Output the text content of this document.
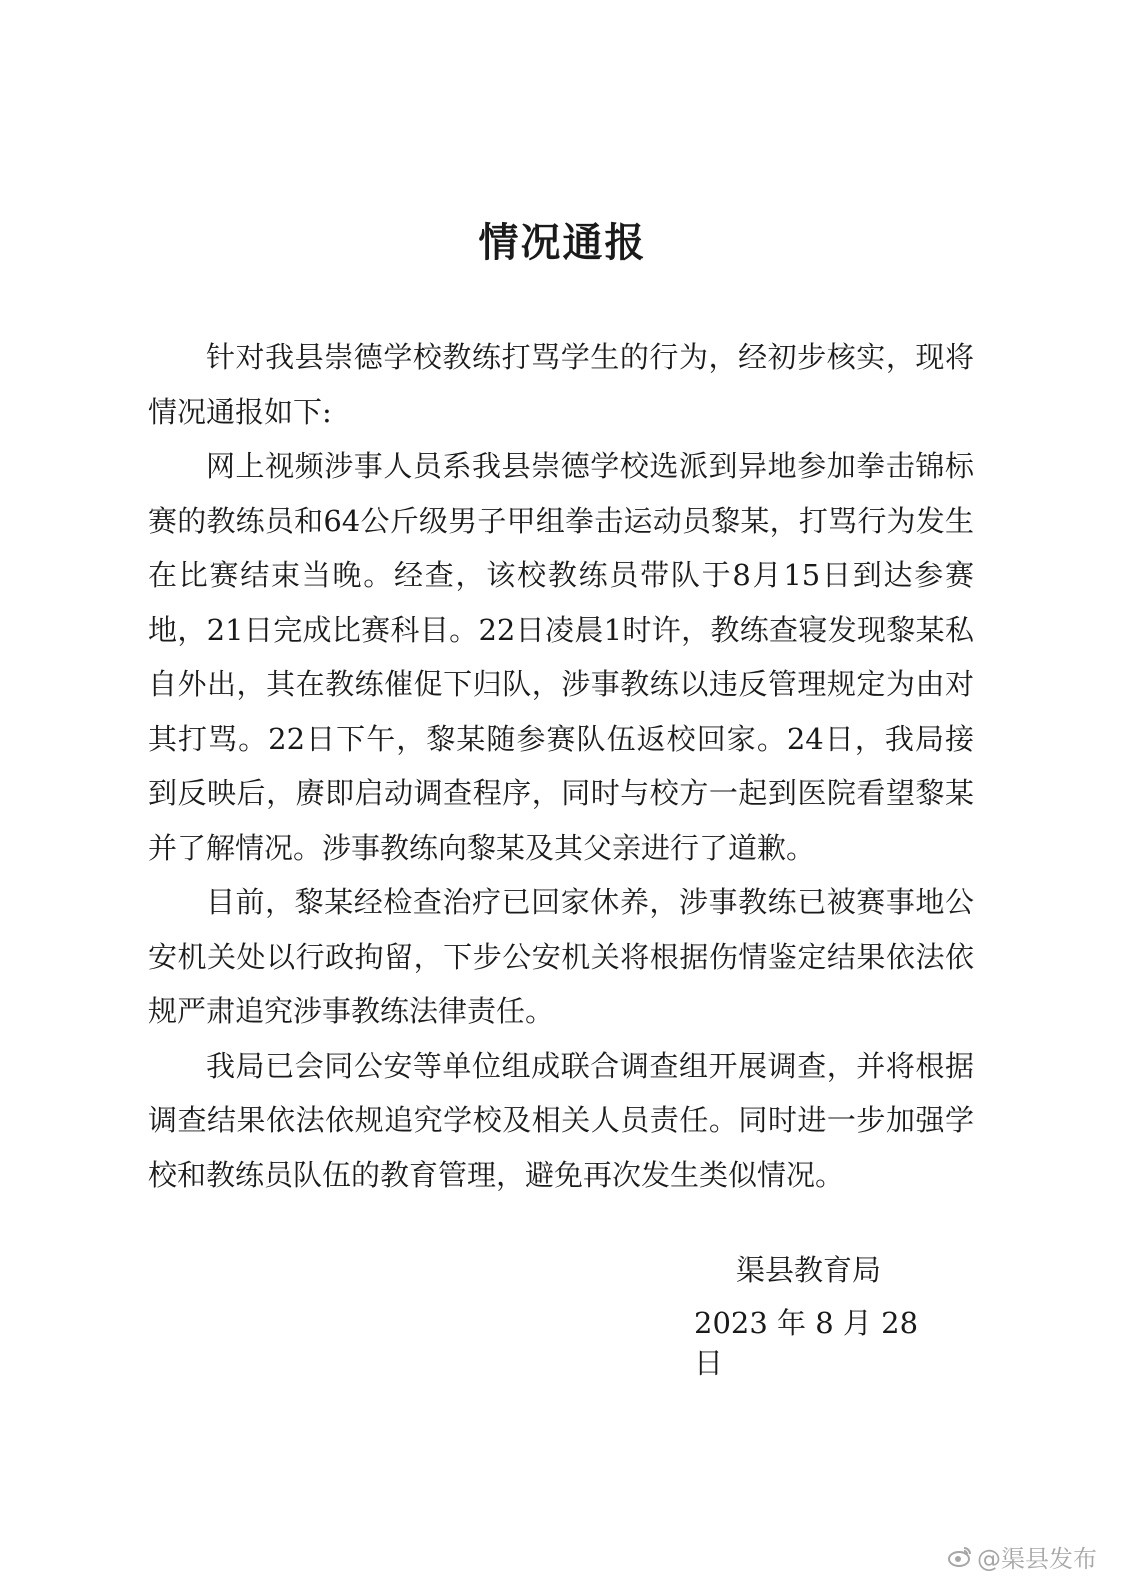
情况通报

针对我县崇德学校教练打骂学生的行为，经初步核实，现将情况通报如下:

网上视频涉事人员系我县崇德学校选派到异地参加拳击锦标赛的教练员和64公斤级男子甲组拳击运动员黎某，打骂行为发生在比赛结束当晚。经查，该校教练员带队于8月15日到达参赛地，21日完成比赛科目。22日凌晨1时许，教练查寝发现黎某私自外出，其在教练催促下归队，涉事教练以违反管理规定为由对其打骂。22日下午，黎某随参赛队伍返校回家。24日，我局接到反映后，赓即启动调查程序，同时与校方一起到医院看望黎某并了解情况。涉事教练向黎某及其父亲进行了道歉。

目前，黎某经检查治疗已回家休养，涉事教练已被赛事地公安机关处以行政拘留，下步公安机关将根据伤情鉴定结果依法依规严肃追究涉事教练法律责任。

我局已会同公安等单位组成联合调查组开展调查，并将根据调查结果依法依规追究学校及相关人员责任。同时进一步加强学校和教练员队伍的教育管理，避免再次发生类似情况。

渠县教育局
2023 年 8 月 28 日
@渠县发布
